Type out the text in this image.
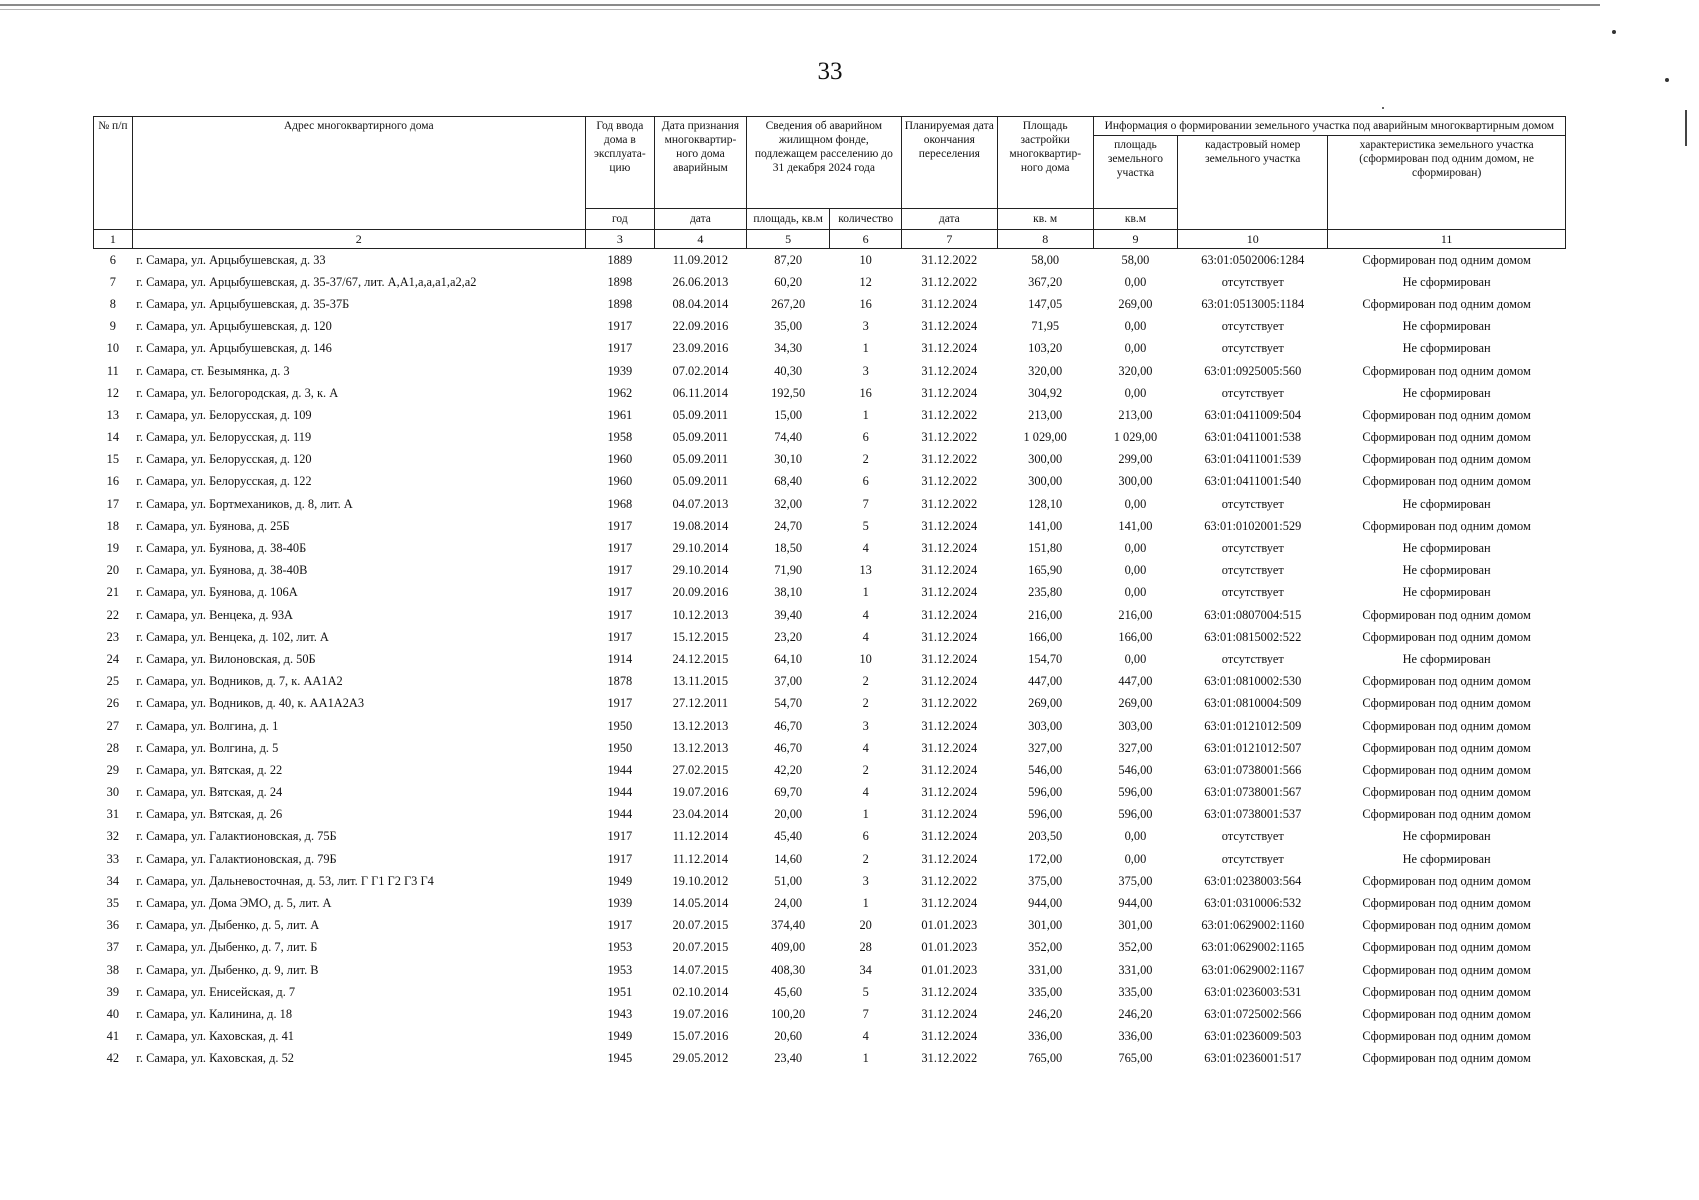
33
№ п/п	Адрес многоквартирного дома	Год ввода дома в эксплуата-цию	Дата признания многоквартир-ного дома аварийным	Сведения об аварийном жилищном фонде, подлежащем расселению до 31 декабря 2024 года		Планируемая дата окончания переселения	Площадь застройки многоквартир-ного дома	Информация о формировании земельного участка под аварийным многоквартирным домом		
								площадь земельного участка	кадастровый номер земельного участка	характеристика земельного участка (сформирован под одним домом, не сформирован)
		год	дата	площадь, кв.м	количество	дата	кв. м	кв.м		
1	2	3	4	5	6	7	8	9	10	11
6	г. Самара, ул. Арцыбушевская, д. 33	1889	11.09.2012	87,20	10	31.12.2022	58,00	58,00	63:01:0502006:1284	Сформирован под одним домом
7	г. Самара, ул. Арцыбушевская, д. 35-37/67, лит. А,А1,а,а,а1,а2,а2	1898	26.06.2013	60,20	12	31.12.2022	367,20	0,00	отсутствует	Не сформирован
8	г. Самара, ул. Арцыбушевская, д. 35-37Б	1898	08.04.2014	267,20	16	31.12.2024	147,05	269,00	63:01:0513005:1184	Сформирован под одним домом
9	г. Самара, ул. Арцыбушевская, д. 120	1917	22.09.2016	35,00	3	31.12.2024	71,95	0,00	отсутствует	Не сформирован
10	г. Самара, ул. Арцыбушевская, д. 146	1917	23.09.2016	34,30	1	31.12.2024	103,20	0,00	отсутствует	Не сформирован
11	г. Самара, ст. Безымянка, д. 3	1939	07.02.2014	40,30	3	31.12.2024	320,00	320,00	63:01:0925005:560	Сформирован под одним домом
12	г. Самара, ул. Белогородская, д. 3, к. А	1962	06.11.2014	192,50	16	31.12.2024	304,92	0,00	отсутствует	Не сформирован
13	г. Самара, ул. Белорусская, д. 109	1961	05.09.2011	15,00	1	31.12.2022	213,00	213,00	63:01:0411009:504	Сформирован под одним домом
14	г. Самара, ул. Белорусская, д. 119	1958	05.09.2011	74,40	6	31.12.2022	1 029,00	1 029,00	63:01:0411001:538	Сформирован под одним домом
15	г. Самара, ул. Белорусская, д. 120	1960	05.09.2011	30,10	2	31.12.2022	300,00	299,00	63:01:0411001:539	Сформирован под одним домом
16	г. Самара, ул. Белорусская, д. 122	1960	05.09.2011	68,40	6	31.12.2022	300,00	300,00	63:01:0411001:540	Сформирован под одним домом
17	г. Самара, ул. Бортмехаников, д. 8, лит. А	1968	04.07.2013	32,00	7	31.12.2022	128,10	0,00	отсутствует	Не сформирован
18	г. Самара, ул. Буянова, д. 25Б	1917	19.08.2014	24,70	5	31.12.2024	141,00	141,00	63:01:0102001:529	Сформирован под одним домом
19	г. Самара, ул. Буянова, д. 38-40Б	1917	29.10.2014	18,50	4	31.12.2024	151,80	0,00	отсутствует	Не сформирован
20	г. Самара, ул. Буянова, д. 38-40В	1917	29.10.2014	71,90	13	31.12.2024	165,90	0,00	отсутствует	Не сформирован
21	г. Самара, ул. Буянова, д. 106А	1917	20.09.2016	38,10	1	31.12.2024	235,80	0,00	отсутствует	Не сформирован
22	г. Самара, ул. Венцека, д. 93А	1917	10.12.2013	39,40	4	31.12.2024	216,00	216,00	63:01:0807004:515	Сформирован под одним домом
23	г. Самара, ул. Венцека, д. 102, лит. А	1917	15.12.2015	23,20	4	31.12.2024	166,00	166,00	63:01:0815002:522	Сформирован под одним домом
24	г. Самара, ул. Вилоновская, д. 50Б	1914	24.12.2015	64,10	10	31.12.2024	154,70	0,00	отсутствует	Не сформирован
25	г. Самара, ул. Водников, д. 7, к. АА1А2	1878	13.11.2015	37,00	2	31.12.2024	447,00	447,00	63:01:0810002:530	Сформирован под одним домом
26	г. Самара, ул. Водников, д. 40, к. АА1А2А3	1917	27.12.2011	54,70	2	31.12.2022	269,00	269,00	63:01:0810004:509	Сформирован под одним домом
27	г. Самара, ул. Волгина, д. 1	1950	13.12.2013	46,70	3	31.12.2024	303,00	303,00	63:01:0121012:509	Сформирован под одним домом
28	г. Самара, ул. Волгина, д. 5	1950	13.12.2013	46,70	4	31.12.2024	327,00	327,00	63:01:0121012:507	Сформирован под одним домом
29	г. Самара, ул. Вятская, д. 22	1944	27.02.2015	42,20	2	31.12.2024	546,00	546,00	63:01:0738001:566	Сформирован под одним домом
30	г. Самара, ул. Вятская, д. 24	1944	19.07.2016	69,70	4	31.12.2024	596,00	596,00	63:01:0738001:567	Сформирован под одним домом
31	г. Самара, ул. Вятская, д. 26	1944	23.04.2014	20,00	1	31.12.2024	596,00	596,00	63:01:0738001:537	Сформирован под одним домом
32	г. Самара, ул. Галактионовская, д. 75Б	1917	11.12.2014	45,40	6	31.12.2024	203,50	0,00	отсутствует	Не сформирован
33	г. Самара, ул. Галактионовская, д. 79Б	1917	11.12.2014	14,60	2	31.12.2024	172,00	0,00	отсутствует	Не сформирован
34	г. Самара, ул. Дальневосточная, д. 53, лит. Г Г1 Г2 Г3 Г4	1949	19.10.2012	51,00	3	31.12.2022	375,00	375,00	63:01:0238003:564	Сформирован под одним домом
35	г. Самара, ул. Дома ЭМО, д. 5, лит. А	1939	14.05.2014	24,00	1	31.12.2024	944,00	944,00	63:01:0310006:532	Сформирован под одним домом
36	г. Самара, ул. Дыбенко, д. 5, лит. А	1917	20.07.2015	374,40	20	01.01.2023	301,00	301,00	63:01:0629002:1160	Сформирован под одним домом
37	г. Самара, ул. Дыбенко, д. 7, лит. Б	1953	20.07.2015	409,00	28	01.01.2023	352,00	352,00	63:01:0629002:1165	Сформирован под одним домом
38	г. Самара, ул. Дыбенко, д. 9, лит. В	1953	14.07.2015	408,30	34	01.01.2023	331,00	331,00	63:01:0629002:1167	Сформирован под одним домом
39	г. Самара, ул. Енисейская, д. 7	1951	02.10.2014	45,60	5	31.12.2024	335,00	335,00	63:01:0236003:531	Сформирован под одним домом
40	г. Самара, ул. Калинина, д. 18	1943	19.07.2016	100,20	7	31.12.2024	246,20	246,20	63:01:0725002:566	Сформирован под одним домом
41	г. Самара, ул. Каховская, д. 41	1949	15.07.2016	20,60	4	31.12.2024	336,00	336,00	63:01:0236009:503	Сформирован под одним домом
42	г. Самара, ул. Каховская, д. 52	1945	29.05.2012	23,40	1	31.12.2022	765,00	765,00	63:01:0236001:517	Сформирован под одним домом
